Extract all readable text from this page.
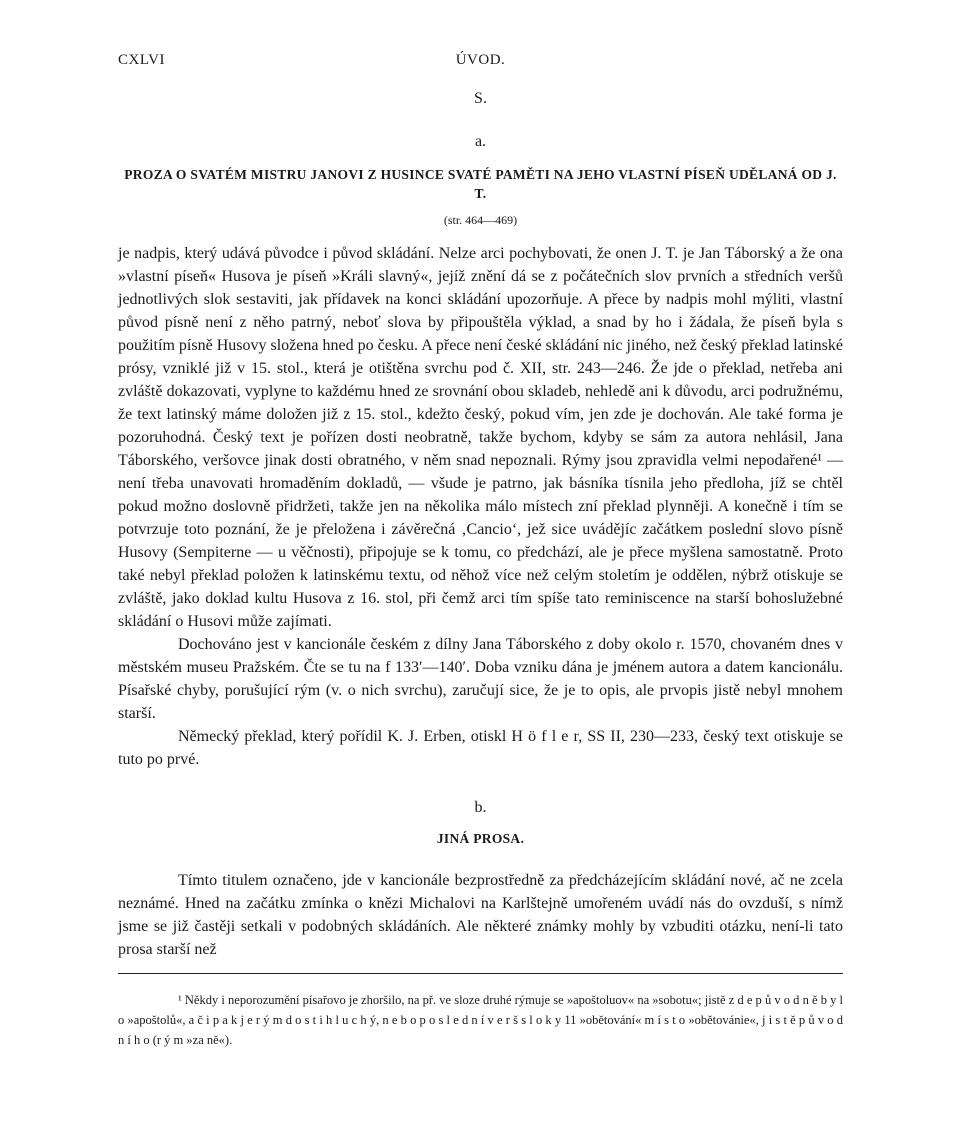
CXLVI	ÚVOD.
S.
a.
PROZA O SVATÉM MISTRU JANOVI Z HUSINCE SVATÉ PAMĚTI NA JEHO VLASTNÍ PÍSEŇ UDĚLANÁ OD J. T.
(str. 464—469)

je nadpis, který udává původce i původ skládání. Nelze arci pochybovati, že onen J. T. je Jan Táborský a že ona »vlastní píseň« Husova je píseň »Králi slavný«, jejíž znění dá se z počátečních slov prvních a středních veršů jednotlivých slok sestaviti, jak přídavek na konci skládání upozorňuje. A přece by nadpis mohl mýliti, vlastní původ písně není z něho patrný, neboť slova by připouštěla výklad, a snad by ho i žádala, že píseň byla s použitím písně Husovy složena hned po česku. A přece není české skládání nic jiného, než český překlad latinské prósy, vzniklé již v 15. stol., která je otištěna svrchu pod č. XII, str. 243—246. Že jde o překlad, netřeba ani zvláště dokazovati, vyplyne to každému hned ze srovnání obou skladeb, nehledě ani k důvodu, arci podružnému, že text latinský máme doložen již z 15. stol., kdežto český, pokud vím, jen zde je dochován. Ale také forma je pozoruhodná. Český text je pořízen dosti neobratně, takže bychom, kdyby se sám za autora nehlásil, Jana Táborského, veršovce jinak dosti obratného, v něm snad nepoznali. Rýmy jsou zpravidla velmi nepodařené¹ — není třeba unavovati hromaděním dokladů, — všude je patrno, jak básníka tísnila jeho předloha, jíž se chtěl pokud možno doslovně přidržeti, takže jen na několika málo místech zní překlad plynněji. A konečně i tím se potvrzuje toto poznání, že je přeložena i závěrečná ‚Cancio‘, jež sice uvádějíc začátkem poslední slovo písně Husovy (Sempiterne — u věčnosti), připojuje se k tomu, co předchází, ale je přece myšlena samostatně. Proto také nebyl překlad položen k latinskému textu, od něhož více než celým stoletím je oddělen, nýbrž otiskuje se zvláště, jako doklad kultu Husova z 16. stol, při čemž arci tím spíše tato reminiscence na starší bohoslužebné skládání o Husovi může zajímati.

Dochováno jest v kancionále českém z dílny Jana Táborského z doby okolo r. 1570, chovaném dnes v městském museu Pražském. Čte se tu na f 133′—140′. Doba vzniku dána je jménem autora a datem kancionálu. Písařské chyby, porušující rým (v. o nich svrchu), zaručují sice, že je to opis, ale prvopis jistě nebyl mnohem starší.

Německý překlad, který pořídil K. J. Erben, otiskl H ö f l e r, SS II, 230—233, český text otiskuje se tuto po prvé.

b.
JINÁ PROSA.

Tímto titulem označeno, jde v kancionále bezprostředně za předcházejícím skládání nové, ač ne zcela neznámé. Hned na začátku zmínka o knězi Michalovi na Karlštejně umořeném uvádí nás do ovzduší, s nímž jsme se již častěji setkali v podobných skládáních. Ale některé známky mohly by vzbuditi otázku, není-li tato prosa starší než

¹ Někdy i neporozumění písařovo je zhoršilo, na př. ve sloze druhé rýmuje se »apoštoluov« na »sobotu«; jistě z d e p ů v o d n ě b y l o »apoštolů«, a č i p a k j e r ý m d o s t i h l u c h ý, n e b o p o s l e d n í v e r š s l o k y 11 »obětování« m í s t o »obětovánie«, j i s t ě p ů v o d n í h o (r ý m »za ně«).
